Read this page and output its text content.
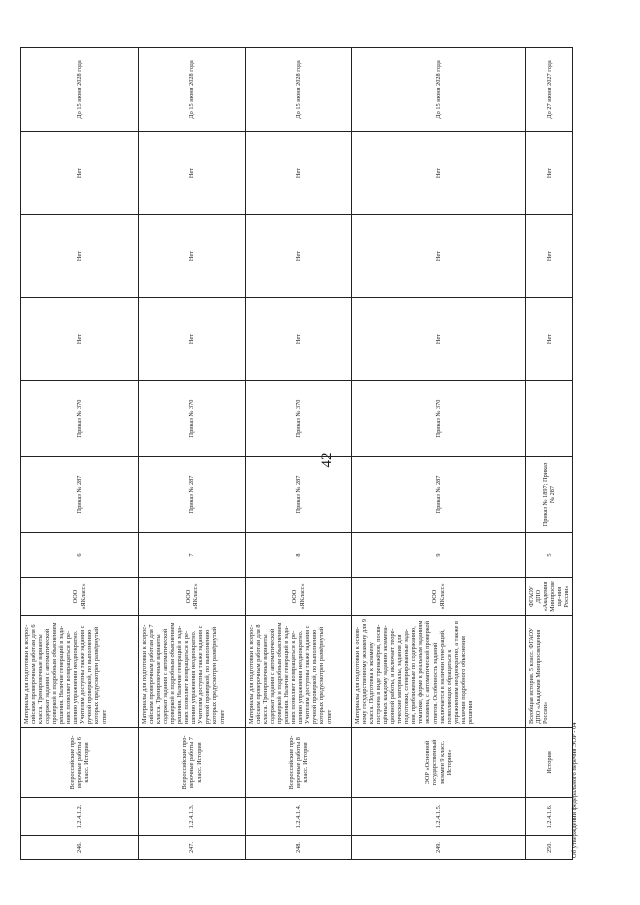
42
246.	1.2.4.1.2.	Всероссийские про-верочные работы 6 класс. История	Материалы для подготовки к всерос-сийским проверочным работам для 6 класса. Тренировочные варианты содержат задания с автоматической проверкой и подробным объяснением решения. Наличие генераций в зада-ниях позволяет возвращаться к ре-шению упражнения неоднократно. Учителям доступны также задания с ручной проверкой, по выполнению которых предусмотрен развёрнутый ответ	ООО «ЯКласс»	6	Приказ № 287	Приказ № 370	Нет	Нет	Нет	До 15 июня 2028 года
247.	1.2.4.1.3.	Всероссийские про-верочные работы 7 класс. История	Материалы для подготовки к всерос-сийским проверочным работам для 7 класса. Тренировочные варианты содержат задания с автоматической проверкой и подробным объяснением решения. Наличие генераций в зада-ниях позволяет возвращаться к ре-шению упражнения неоднократно. Учителям доступны также задания с ручной проверкой, по выполнению которых предусмотрен развёрнутый ответ	ООО «ЯКласс»	7	Приказ № 287	Приказ № 370	Нет	Нет	Нет	До 15 июня 2028 года
248.	1.2.4.1.4.	Всероссийские про-верочные работы 8 класс. История	Материалы для подготовки к всерос-сийским проверочным работам для 8 класса. Тренировочные варианты содержат задания с автоматической проверкой и подробным объяснением решения. Наличие генераций в зада-ниях позволяет возвращаться к ре-шению упражнения неоднократно. Учителям доступны также задания с ручной проверкой, по выполнению которых предусмотрен развёрнутый ответ	ООО «ЯКласс»	8	Приказ № 287	Приказ № 370	Нет	Нет	Нет	До 15 июня 2028 года
249.	1.2.4.1.5.	ЭОР «Основной государственный экзамен 9 класс. История»	Материалы для подготовки к основ-ному государственному экзамену для 9 класса. Подготовка к экзамену построена в виде тренажёров, посвя-щённых каждому заданию экзамена-ционной работы, и включает теоре-тические материалы, задания для подготовки, сгенерированные зада-ния, приближенные по содержанию, тематике, форме к реальным заданиям экзамена, с автоматической проверкой ответов. Особенность заданий заключается в наличии гене-раций, позволяющих обращаться к упражнениям неоднократно, а также в наличии подробного объяснения решения	ООО «ЯКласс»	9	Приказ № 287	Приказ № 370	Нет	Нет	Нет	До 15 июня 2028 года
250.	1.2.4.1.6.	История	Всеобщая история. 5 класс. ФГАОУ ДПО «Академия Минпросвещения России»	ФГАОУ ДПО «Академия Минпросвеще-ния России»	5	Приказ № 1897; Приказ № 287		Нет	Нет	Нет	До 27 июня 2027 года
Об утверждении федерального перечня ЭОР - 04
